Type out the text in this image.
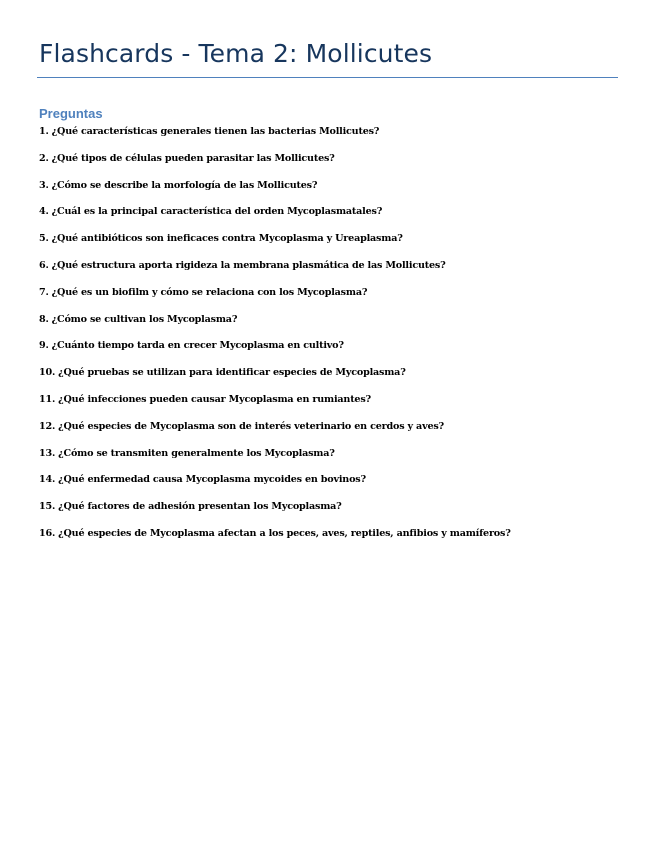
Flashcards - Tema 2: Mollicutes
Preguntas
1. ¿Qué características generales tienen las bacterias Mollicutes?
2. ¿Qué tipos de células pueden parasitar las Mollicutes?
3. ¿Cómo se describe la morfología de las Mollicutes?
4. ¿Cuál es la principal característica del orden Mycoplasmatales?
5. ¿Qué antibióticos son ineficaces contra Mycoplasma y Ureaplasma?
6. ¿Qué estructura aporta rigideza la membrana plasmática de las Mollicutes?
7. ¿Qué es un biofilm y cómo se relaciona con los Mycoplasma?
8. ¿Cómo se cultivan los Mycoplasma?
9. ¿Cuánto tiempo tarda en crecer Mycoplasma en cultivo?
10. ¿Qué pruebas se utilizan para identificar especies de Mycoplasma?
11. ¿Qué infecciones pueden causar Mycoplasma en rumiantes?
12. ¿Qué especies de Mycoplasma son de interés veterinario en cerdos y aves?
13. ¿Cómo se transmiten generalmente los Mycoplasma?
14. ¿Qué enfermedad causa Mycoplasma mycoides en bovinos?
15. ¿Qué factores de adhesión presentan los Mycoplasma?
16. ¿Qué especies de Mycoplasma afectan a los peces, aves, reptiles, anfibios y mamíferos?
